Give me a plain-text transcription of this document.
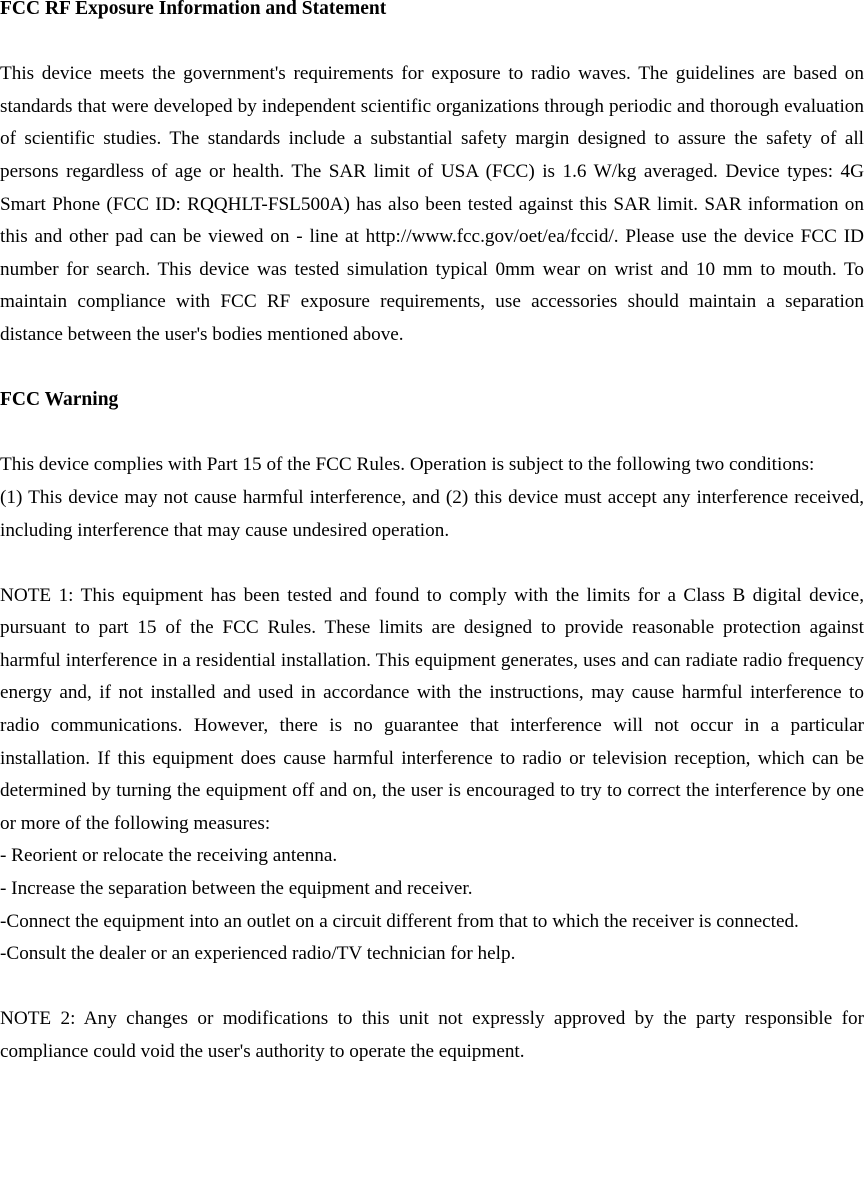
FCC RF Exposure Information and Statement

This device meets the government's requirements for exposure to radio waves. The guidelines are based on standards that were developed by independent scientific organizations through periodic and thorough evaluation of scientific studies. The standards include a substantial safety margin designed to assure the safety of all persons regardless of age or health. The SAR limit of USA (FCC) is 1.6 W/kg averaged. Device types: 4G Smart Phone (FCC ID: RQQHLT-FSL500A) has also been tested against this SAR limit. SAR information on this and other pad can be viewed on - line at http://www.fcc.gov/oet/ea/fccid/. Please use the device FCC ID number for search. This device was tested simulation typical 0mm wear on wrist and 10 mm to mouth. To maintain compliance with FCC RF exposure requirements, use accessories should maintain a separation distance between the user's bodies mentioned above.

FCC Warning

This device complies with Part 15 of the FCC Rules. Operation is subject to the following two conditions:

(1) This device may not cause harmful interference, and (2) this device must accept any interference received, including interference that may cause undesired operation.

NOTE 1: This equipment has been tested and found to comply with the limits for a Class B digital device, pursuant to part 15 of the FCC Rules. These limits are designed to provide reasonable protection against harmful interference in a residential installation. This equipment generates, uses and can radiate radio frequency energy and, if not installed and used in accordance with the instructions, may cause harmful interference to radio communications. However, there is no guarantee that interference will not occur in a particular installation. If this equipment does cause harmful interference to radio or television reception, which can be determined by turning the equipment off and on, the user is encouraged to try to correct the interference by one or more of the following measures:

- Reorient or relocate the receiving antenna.

- Increase the separation between the equipment and receiver.

-Connect the equipment into an outlet on a circuit different from that to which the receiver is connected.

-Consult the dealer or an experienced radio/TV technician for help.

NOTE 2: Any changes or modifications to this unit not expressly approved by the party responsible for compliance could void the user's authority to operate the equipment.
